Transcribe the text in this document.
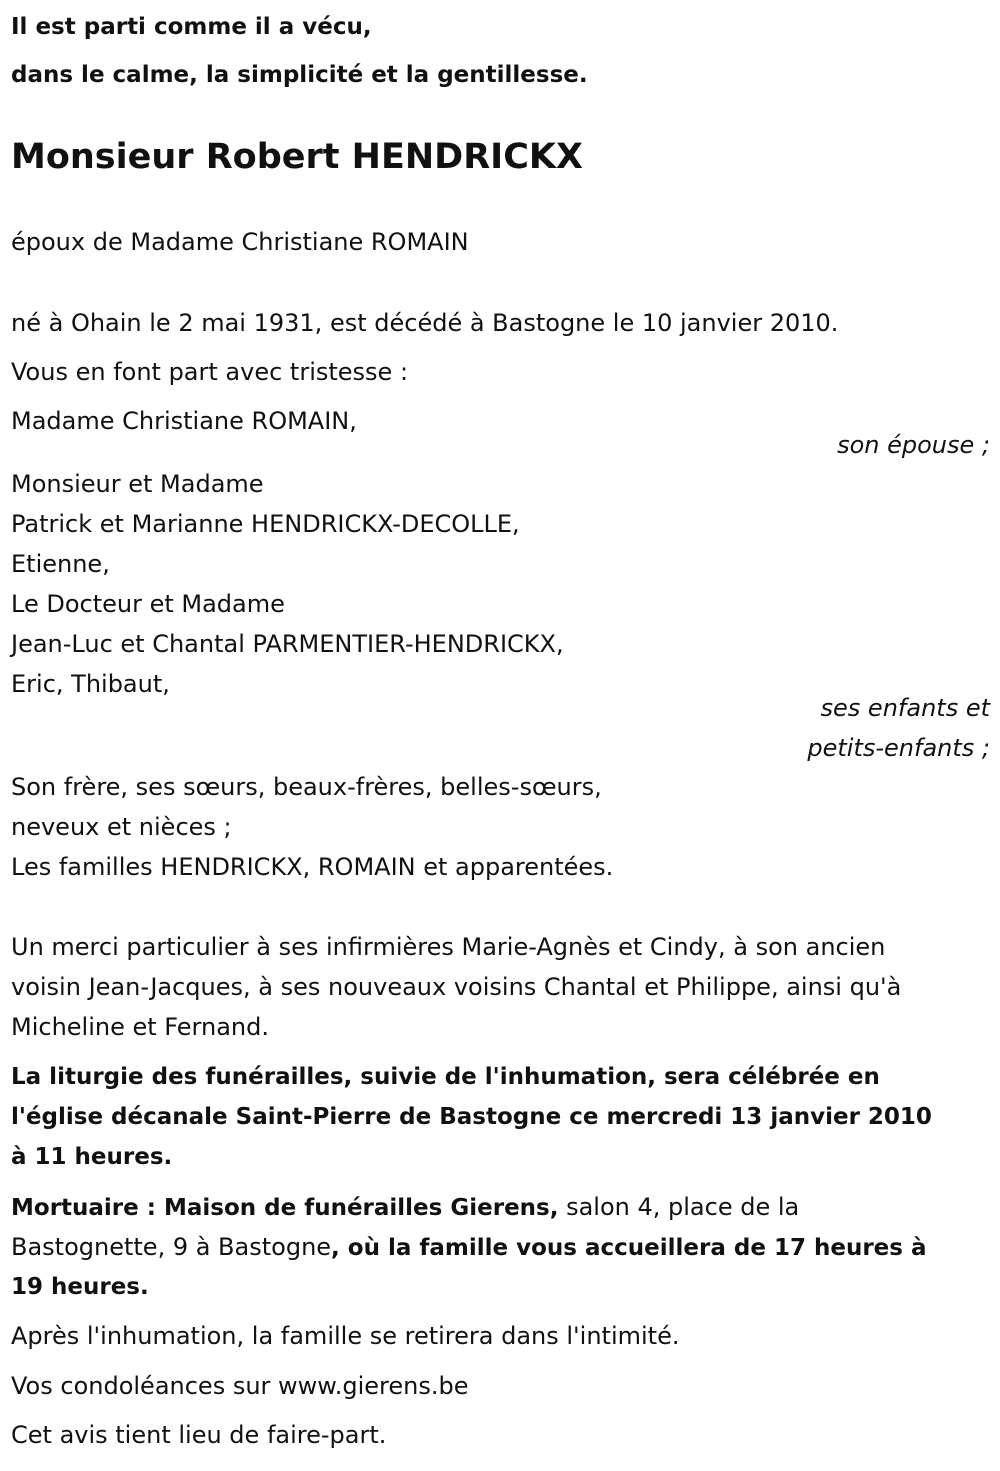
Il est parti comme il a vécu,

dans le calme, la simplicité et la gentillesse.

Monsieur Robert HENDRICKX

époux de Madame Christiane ROMAIN

né à Ohain le 2 mai 1931, est décédé à Bastogne le 10 janvier 2010.

Vous en font part avec tristesse :

Madame Christiane ROMAIN,

son épouse ;

Monsieur et Madame

Patrick et Marianne HENDRICKX-DECOLLE,

Etienne,

Le Docteur et Madame

Jean-Luc et Chantal PARMENTIER-HENDRICKX,

Eric, Thibaut,

ses enfants et

petits-enfants ;

Son frère, ses sœurs, beaux-frères, belles-sœurs,

neveux et nièces ;

Les familles HENDRICKX, ROMAIN et apparentées.

Un merci particulier à ses infirmières Marie-Agnès et Cindy, à son ancien

voisin Jean-Jacques, à ses nouveaux voisins Chantal et Philippe, ainsi qu'à

Micheline et Fernand.

La liturgie des funérailles, suivie de l'inhumation, sera célébrée en

l'église décanale Saint-Pierre de Bastogne ce mercredi 13 janvier 2010

à 11 heures.

Mortuaire : Maison de funérailles Gierens, salon 4, place de la

Bastognette, 9 à Bastogne, où la famille vous accueillera de 17 heures à

19 heures.

Après l'inhumation, la famille se retirera dans l'intimité.

Vos condoléances sur www.gierens.be

Cet avis tient lieu de faire-part.
